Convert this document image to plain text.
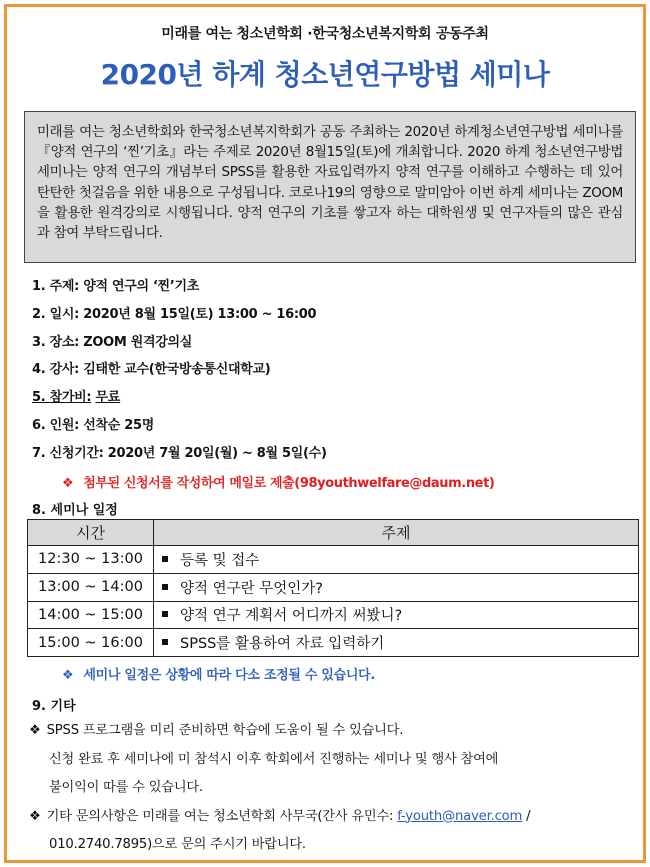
미래를 여는 청소년학회 ·한국청소년복지학회 공동주최
2020년 하계 청소년연구방법 세미나
미래를 여는 청소년학회와 한국청소년복지학회가 공동 주최하는 2020년 하계청소년연구방법 세미나를『양적 연구의 ‘찐’기초』라는 주제로 2020년 8월15일(토)에 개최합니다. 2020 하계 청소년연구방법 세미나는 양적 연구의 개념부터 SPSS를 활용한 자료입력까지 양적 연구를 이해하고 수행하는 데 있어 탄탄한 첫걸음을 위한 내용으로 구성됩니다. 코로나19의 영향으로 말미암아 이번 하계 세미나는 ZOOM을 활용한 원격강의로 시행됩니다. 양적 연구의 기초를 쌓고자 하는 대학원생 및 연구자들의 많은 관심과 참여 부탁드립니다.
1. 주제: 양적 연구의 ‘찐’기초
2. 일시: 2020년 8월 15일(토) 13:00 ~ 16:00
3. 장소: ZOOM 원격강의실
4. 강사: 김태한 교수(한국방송통신대학교)
5. 참가비: 무료
6. 인원: 선착순 25명
7. 신청기간: 2020년 7월 20일(월) ~ 8월 5일(수)
❖ 첨부된 신청서를 작성하여 메일로 제출(98youthwelfare@daum.net)
8. 세미나 일정
시간	주제
12:30 ~ 13:00	등록 및 접수
13:00 ~ 14:00	양적 연구란 무엇인가?
14:00 ~ 15:00	양적 연구 계획서 어디까지 써봤니?
15:00 ~ 16:00	SPSS를 활용하여 자료 입력하기
❖ 세미나 일정은 상황에 따라 다소 조정될 수 있습니다.
9. 기타
❖ SPSS 프로그램을 미리 준비하면 학습에 도움이 될 수 있습니다.
신청 완료 후 세미나에 미 참석시 이후 학회에서 진행하는 세미나 및 행사 참여에
불이익이 따를 수 있습니다.
❖ 기타 문의사항은 미래를 여는 청소년학회 사무국(간사 유민수: f-youth@naver.com /
010.2740.7895)으로 문의 주시기 바랍니다.
